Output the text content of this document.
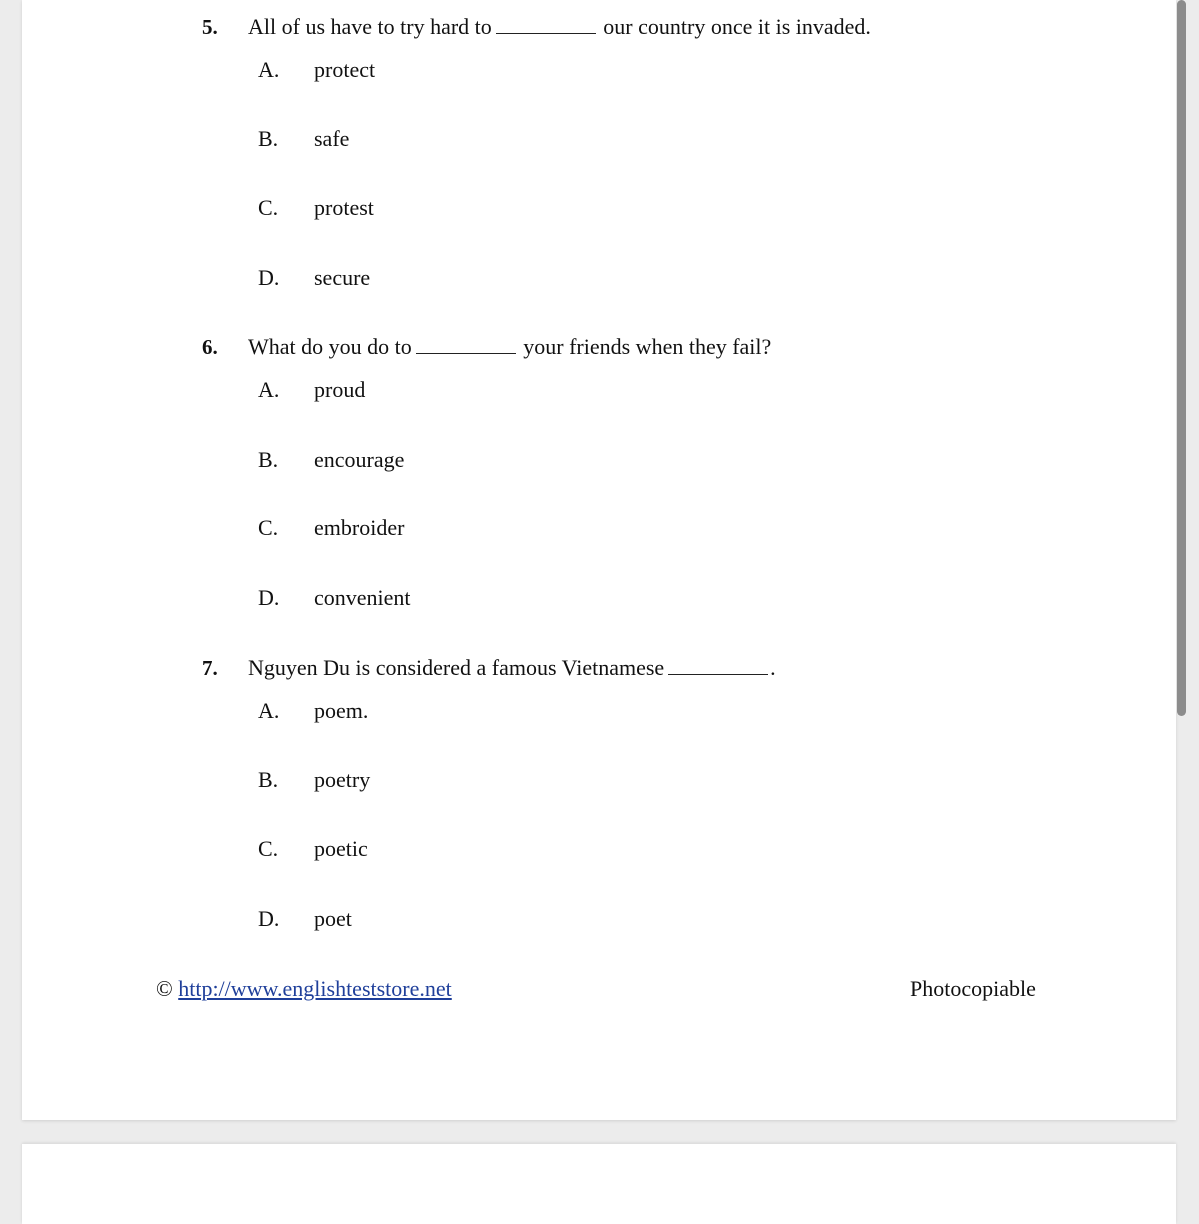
5. All of us have to try hard to	our country once it is invaded.
A. protect
B. safe
C. protest
D. secure
6. What do you do to	your friends when they fail?
A. proud
B. encourage
C. embroider
D. convenient
7. Nguyen Du is considered a famous Vietnamese	.
A. poem.
B. poetry
C. poetic
D. poet
© http://www.englishteststore.net	Photocopiable
